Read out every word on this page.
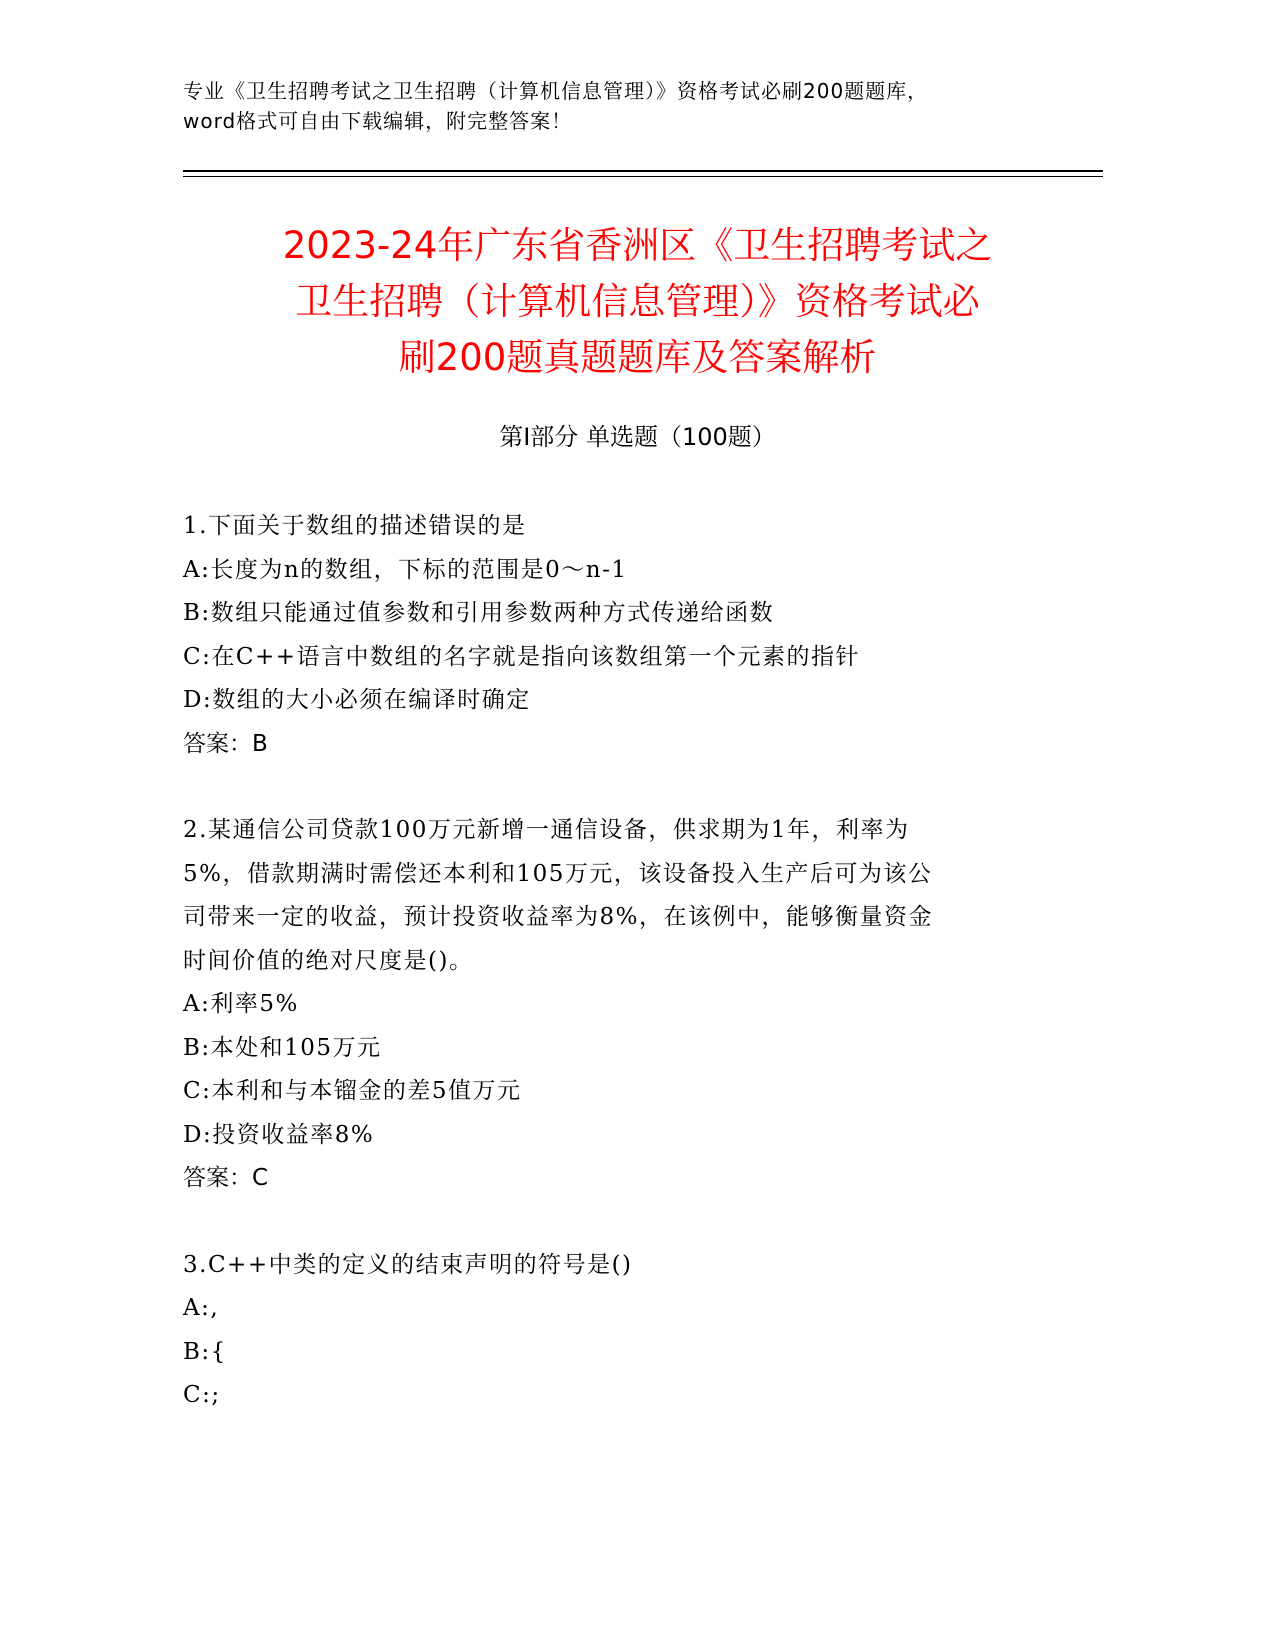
专业《卫生招聘考试之卫生招聘（计算机信息管理）》资格考试必刷200题题库，
word格式可自由下载编辑，附完整答案！
2023-24年广东省香洲区《卫生招聘考试之
卫生招聘（计算机信息管理）》资格考试必
刷200题真题题库及答案解析
第Ⅰ部分 单选题（100题）
1.下面关于数组的描述错误的是
A:长度为n的数组，下标的范围是0～n-1
B:数组只能通过值参数和引用参数两种方式传递给函数
C:在C++语言中数组的名字就是指向该数组第一个元素的指针
D:数组的大小必须在编译时确定
答案：B
2.某通信公司贷款100万元新增一通信设备，供求期为1年，利率为
5%，借款期满时需偿还本利和105万元，该设备投入生产后可为该公
司带来一定的收益，预计投资收益率为8%，在该例中，能够衡量资金
时间价值的绝对尺度是()。
A:利率5%
B:本处和105万元
C:本利和与本镏金的差5值万元
D:投资收益率8%
答案：C
3.C++中类的定义的结束声明的符号是()
A:,
B:{
C:;
